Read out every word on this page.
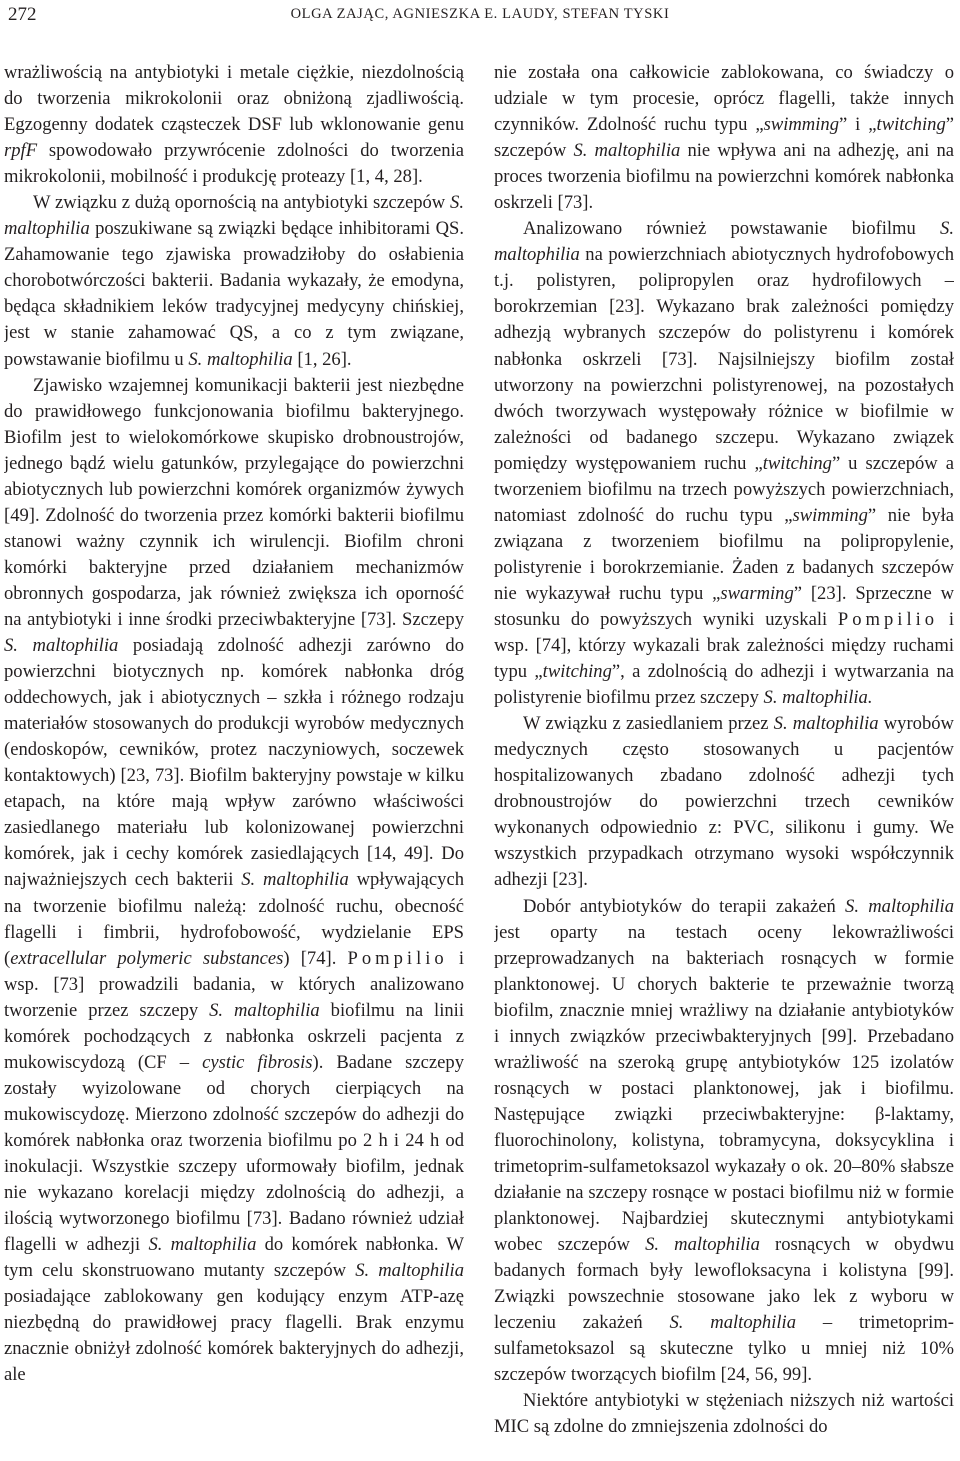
272	OLGA ZAJĄC, AGNIESZKA E. LAUDY, STEFAN TYSKI

wrażliwością na antybiotyki i metale ciężkie, niezdolnością do tworzenia mikrokolonii oraz obniżoną zjadliwością. Egzogenny dodatek cząsteczek DSF lub wklonowanie genu rpfF spowodowało przywrócenie zdolności do tworzenia mikrokolonii, mobilność i produkcję proteazy [1, 4, 28].

W związku z dużą opornością na antybiotyki szczepów S. maltophilia poszukiwane są związki będące inhibitorami QS. Zahamowanie tego zjawiska prowadziłoby do osłabienia chorobotwórczości bakterii. Badania wykazały, że emodyna, będąca składnikiem leków tradycyjnej medycyny chińskiej, jest w stanie zahamować QS, a co z tym związane, powstawanie biofilmu u S. maltophilia [1, 26].

Zjawisko wzajemnej komunikacji bakterii jest niezbędne do prawidłowego funkcjonowania biofilmu bakteryjnego. Biofilm jest to wielokomórkowe skupisko drobnoustrojów, jednego bądź wielu gatunków, przylegające do powierzchni abiotycznych lub powierzchni komórek organizmów żywych [49]. Zdolność do tworzenia przez komórki bakterii biofilmu stanowi ważny czynnik ich wirulencji. Biofilm chroni komórki bakteryjne przed działaniem mechanizmów obronnych gospodarza, jak również zwiększa ich oporność na antybiotyki i inne środki przeciwbakteryjne [73]. Szczepy S. maltophilia posiadają zdolność adhezji zarówno do powierzchni biotycznych np. komórek nabłonka dróg oddechowych, jak i abiotycznych – szkła i różnego rodzaju materiałów stosowanych do produkcji wyrobów medycznych (endoskopów, cewników, protez naczyniowych, soczewek kontaktowych) [23, 73]. Biofilm bakteryjny powstaje w kilku etapach, na które mają wpływ zarówno właściwości zasiedlanego materiału lub kolonizowanej powierzchni komórek, jak i cechy komórek zasiedlających [14, 49]. Do najważniejszych cech bakterii S. maltophilia wpływających na tworzenie biofilmu należą: zdolność ruchu, obecność flagelli i fimbrii, hydrofobowość, wydzielanie EPS (extracellular polymeric substances) [74]. Pompilio i wsp. [73] prowadzili badania, w których analizowano tworzenie przez szczepy S. maltophilia biofilmu na linii komórek pochodzących z nabłonka oskrzeli pacjenta z mukowiscydozą (CF – cystic fibrosis). Badane szczepy zostały wyizolowane od chorych cierpiących na mukowiscydozę. Mierzono zdolność szczepów do adhezji do komórek nabłonka oraz tworzenia biofilmu po 2 h i 24 h od inokulacji. Wszystkie szczepy uformowały biofilm, jednak nie wykazano korelacji między zdolnością do adhezji, a ilością wytworzonego biofilmu [73]. Badano również udział flagelli w adhezji S. maltophilia do komórek nabłonka. W tym celu skonstruowano mutanty szczepów S. maltophilia posiadające zablokowany gen kodujący enzym ATP-azę niezbędną do prawidłowej pracy flagelli. Brak enzymu znacznie obniżył zdolność komórek bakteryjnych do adhezji, ale

nie została ona całkowicie zablokowana, co świadczy o udziale w tym procesie, oprócz flagelli, także innych czynników. Zdolność ruchu typu „swimming” i „twitching” szczepów S. maltophilia nie wpływa ani na adhezję, ani na proces tworzenia biofilmu na powierzchni komórek nabłonka oskrzeli [73].

Analizowano również powstawanie biofilmu S. maltophilia na powierzchniach abiotycznych hydrofobowych t.j. polistyren, polipropylen oraz hydrofilowych – borokrzemian [23]. Wykazano brak zależności pomiędzy adhezją wybranych szczepów do polistyrenu i komórek nabłonka oskrzeli [73]. Najsilniejszy biofilm został utworzony na powierzchni polistyrenowej, na pozostałych dwóch tworzywach występowały różnice w biofilmie w zależności od badanego szczepu. Wykazano związek pomiędzy występowaniem ruchu „twitching” u szczepów a tworzeniem biofilmu na trzech powyższych powierzchniach, natomiast zdolność do ruchu typu „swimming” nie była związana z tworzeniem biofilmu na polipropylenie, polistyrenie i borokrzemianie. Żaden z badanych szczepów nie wykazywał ruchu typu „swarming” [23]. Sprzeczne w stosunku do powyższych wyniki uzyskali Pompilio i wsp. [74], którzy wykazali brak zależności między ruchami typu „twitching”, a zdolnością do adhezji i wytwarzania na polistyrenie biofilmu przez szczepy S. maltophilia.

W związku z zasiedlaniem przez S. maltophilia wyrobów medycznych często stosowanych u pacjentów hospitalizowanych zbadano zdolność adhezji tych drobnoustrojów do powierzchni trzech cewników wykonanych odpowiednio z: PVC, silikonu i gumy. We wszystkich przypadkach otrzymano wysoki współczynnik adhezji [23].

Dobór antybiotyków do terapii zakażeń S. maltophilia jest oparty na testach oceny lekowrażliwości przeprowadzanych na bakteriach rosnących w formie planktonowej. U chorych bakterie te przeważnie tworzą biofilm, znacznie mniej wrażliwy na działanie antybiotyków i innych związków przeciwbakteryjnych [99]. Przebadano wrażliwość na szeroką grupę antybiotyków 125 izolatów rosnących w postaci planktonowej, jak i biofilmu. Następujące związki przeciwbakteryjne: β-laktamy, fluorochinolony, kolistyna, tobramycyna, doksycyklina i trimetoprim-sulfametoksazol wykazały o ok. 20–80% słabsze działanie na szczepy rosnące w postaci biofilmu niż w formie planktonowej. Najbardziej skutecznymi antybiotykami wobec szczepów S. maltophilia rosnących w obydwu badanych formach były lewofloksacyna i kolistyna [99]. Związki powszechnie stosowane jako lek z wyboru w leczeniu zakażeń S. maltophilia – trimetoprim-sulfametoksazol są skuteczne tylko u mniej niż 10% szczepów tworzących biofilm [24, 56, 99].

Niektóre antybiotyki w stężeniach niższych niż wartości MIC są zdolne do zmniejszenia zdolności do
